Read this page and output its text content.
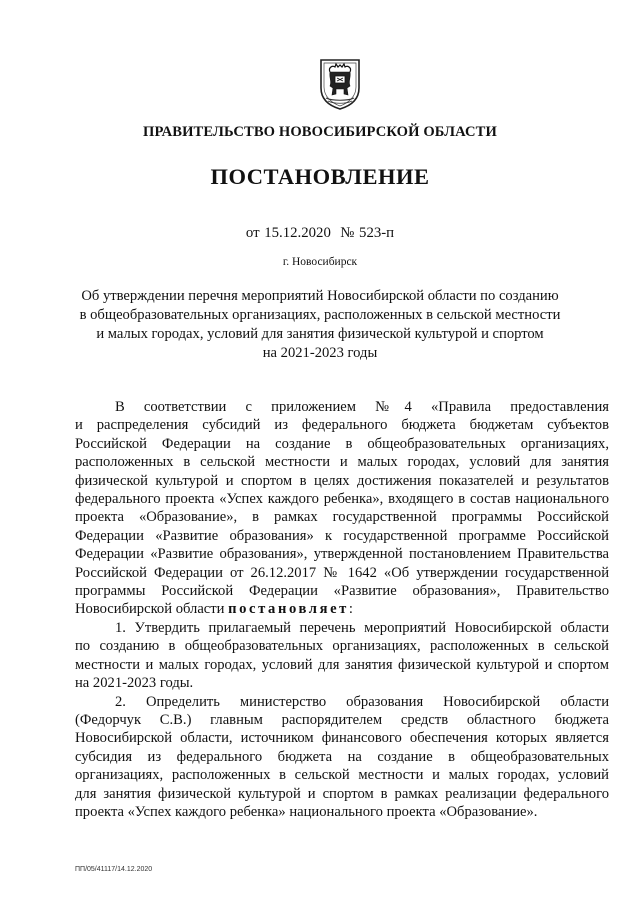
ПРАВИТЕЛЬСТВО НОВОСИБИРСКОЙ ОБЛАСТИ
ПОСТАНОВЛЕНИЕ
от 15.12.2020  № 523-п
г. Новосибирск
Об утверждении перечня мероприятий Новосибирской области по созданию
в общеобразовательных организациях, расположенных в сельской местности
и малых городах, условий для занятия физической культурой и спортом
на 2021-2023 годы
В соответствии с приложением №4 «Правила предоставления
и распределения субсидий из федерального бюджета бюджетам субъектов
Российской Федерации на создание в общеобразовательных организациях,
расположенных в сельской местности и малых городах, условий для занятия
физической культурой и спортом в целях достижения показателей и результатов
федерального проекта «Успех каждого ребенка», входящего в состав национального
проекта «Образование», в рамках государственной программы Российской
Федерации «Развитие образования» к государственной программе Российской
Федерации «Развитие образования», утвержденной постановлением Правительства
Российской Федерации от 26.12.2017 № 1642 «Об утверждении государственной
программы Российской Федерации «Развитие образования», Правительство
Новосибирской области постановляет:
1. Утвердить прилагаемый перечень мероприятий Новосибирской области
по созданию в общеобразовательных организациях, расположенных в сельской
местности и малых городах, условий для занятия физической культурой и спортом
на 2021-2023 годы.
2. Определить министерство образования Новосибирской области
(Федорчук С.В.) главным распорядителем средств областного бюджета
Новосибирской области, источником финансового обеспечения которых является
субсидия из федерального бюджета на создание в общеобразовательных
организациях, расположенных в сельской местности и малых городах, условий
для занятия физической культурой и спортом в рамках реализации федерального
проекта «Успех каждого ребенка» национального проекта «Образование».
ПП/05/41117/14.12.2020
